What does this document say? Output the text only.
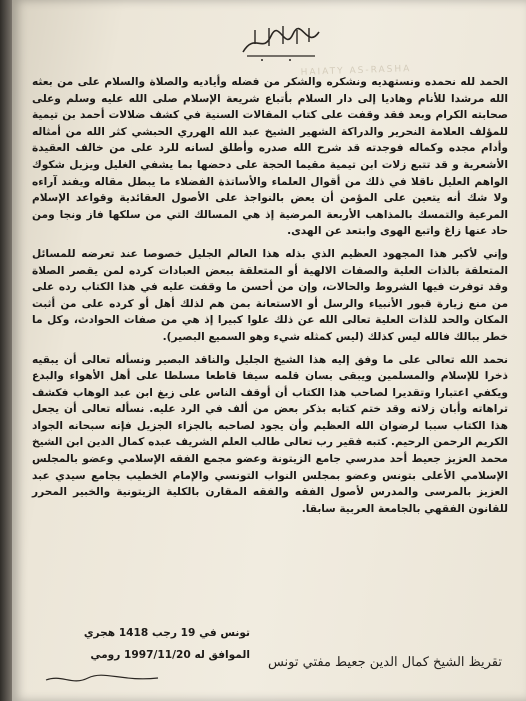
HAIATY AS-RASHA

الحمد لله نحمده ونستهديه ونشكره والشكر من فضله وأياديه والصلاة والسلام على من بعثه الله مرشدا للأنام وهاديا إلى دار السلام بأتباع شريعة الإسلام صلى الله عليه وسلم وعلى صحابته الكرام وبعد فقد وقفت على كتاب المقالات السنية في كشف ضلالات أحمد بن تيمية للمؤلف العلامة النحرير والدراكة الشهير الشيخ عبد الله الهرري الحبشي كثر الله من أمثاله وأدام مجده وكماله فوجدته قد شرح الله صدره وأطلق لسانه للرد على من خالف العقيدة الأشعرية و قد تتبع زلات ابن تيمية مقيما الحجة على دحضها بما يشفي الغليل ويزيل شكوك الواهم العليل ناقلا في ذلك من أقوال العلماء والأساتذة الفضلاء ما يبطل مقاله ويفند آراءه ولا شك أنه يتعين على المؤمن أن يعض بالنواجذ على الأصول العقائدية وقواعد الإسلام المرعية والتمسك بالمذاهب الأربعة المرضية إذ هي المسالك التي من سلكها فاز ونجا ومن حاد عنها زاغ واتبع الهوى وابتعد عن الهدى.

وإني لأكبر هذا المجهود العظيم الذي بذله هذا العالم الجليل خصوصا عند تعرضه للمسائل المتعلقة بالذات العلية والصفات الالهية أو المتعلقة ببعض العبادات كرده لمن يقصر الصلاة وقد توفرت فيها الشروط والحالات، وإن من أحسن ما وقفت عليه في هذا الكتاب رده على من منع زيارة قبور الأنبياء والرسل أو الاستعانة بمن هم لذلك أهل أو كرده على من أثبت المكان والحد للذات العلية تعالى الله عن ذلك علوا كبيرا إذ هي من صفات الحوادث، وكل ما خطر ببالك فالله ليس كذلك (ليس كمثله شيء وهو السميع البصير).

نحمد الله تعالى على ما وفق إليه هذا الشيخ الجليل والناقد البصير ونسأله تعالى أن يبقيه ذخرا للإسلام والمسلمين ويبقى بسان قلمه سيفا قاطعا مسلطا على أهل الأهواء والبدع ويكفي اعتبارا وتقديرا لصاحب هذا الكتاب أن أوقف الناس على زيغ ابن عبد الوهاب فكشف تراهاته وأبان زلاته وقد ختم كتابه بذكر بعض من ألف في الرد عليه. نسأله تعالى أن يجعل هذا الكتاب سببا لرضوان الله العظيم وأن يجود لصاحبه بالجزاء الجزيل فإنه سبحانه الجواد الكريم الرحمن الرحيم. كتبه فقير رب تعالى طالب العلم الشريف عبده كمال الدين ابن الشيخ محمد العزيز جعيط أحد مدرسي جامع الزيتونة وعضو مجمع الفقه الإسلامي وعضو بالمجلس الإسلامي الأعلى بتونس وعضو بمجلس النواب التونسي والإمام الخطيب بجامع سيدي عبد العزيز بالمرسى والمدرس لأصول الفقه والفقه المقارن بالكلية الزيتونية والخبير المحرر للقانون الفقهي بالجامعة العربية سابقا.

تونس في 19 رجب 1418 هجري
الموافق له 1997/11/20 رومي تقريظ الشيخ كمال الدين جعيط مفتي تونس
